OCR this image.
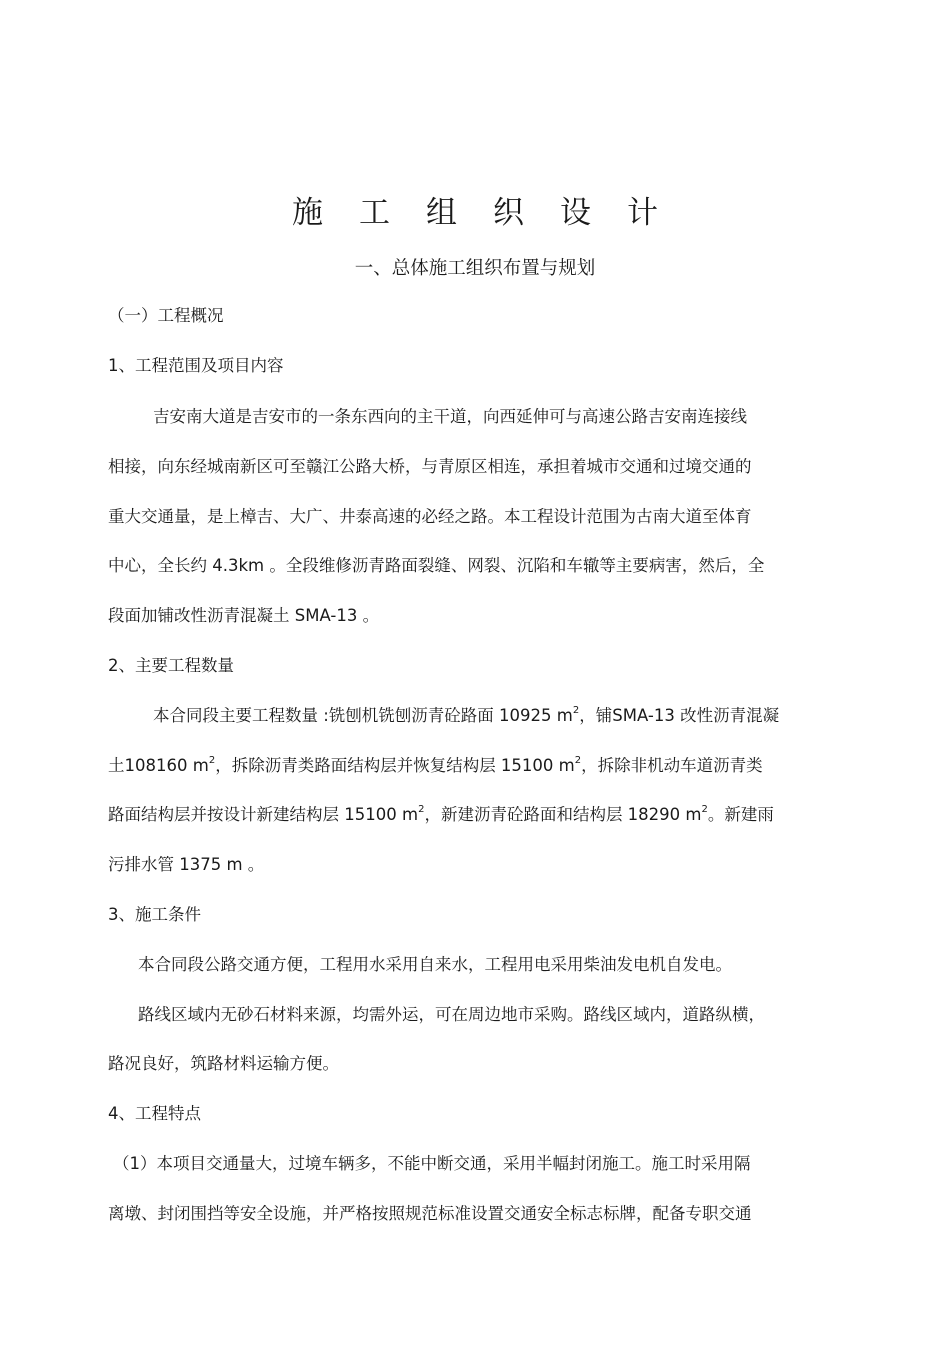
施 工 组 织 设 计
一、总体施工组织布置与规划
（一）工程概况
1、工程范围及项目内容
吉安南大道是吉安市的一条东西向的主干道，向西延伸可与高速公路吉安南连接线
相接，向东经城南新区可至赣江公路大桥，与青原区相连，承担着城市交通和过境交通的
重大交通量，是上樟吉、大广、井泰高速的必经之路。本工程设计范围为古南大道至体育
中心，全长约 4.3km 。全段维修沥青路面裂缝、网裂、沉陷和车辙等主要病害，然后，全
段面加铺改性沥青混凝土 SMA-13 。
2、主要工程数量
本合同段主要工程数量 :铣刨机铣刨沥青砼路面 10925 $m^2$，铺SMA-13 改性沥青混凝
土108160 $m^2$，拆除沥青类路面结构层并恢复结构层 15100 $m^2$，拆除非机动车道沥青类
路面结构层并按设计新建结构层 15100 $m^2$，新建沥青砼路面和结构层 18290 $m^2$。新建雨
污排水管 1375 m 。
3、施工条件
本合同段公路交通方便，工程用水采用自来水，工程用电采用柴油发电机自发电。
路线区域内无砂石材料来源，均需外运，可在周边地市采购。路线区域内，道路纵横，
路况良好，筑路材料运输方便。
4、工程特点
（1）本项目交通量大，过境车辆多，不能中断交通，采用半幅封闭施工。施工时采用隔
离墩、封闭围挡等安全设施，并严格按照规范标准设置交通安全标志标牌，配备专职交通
